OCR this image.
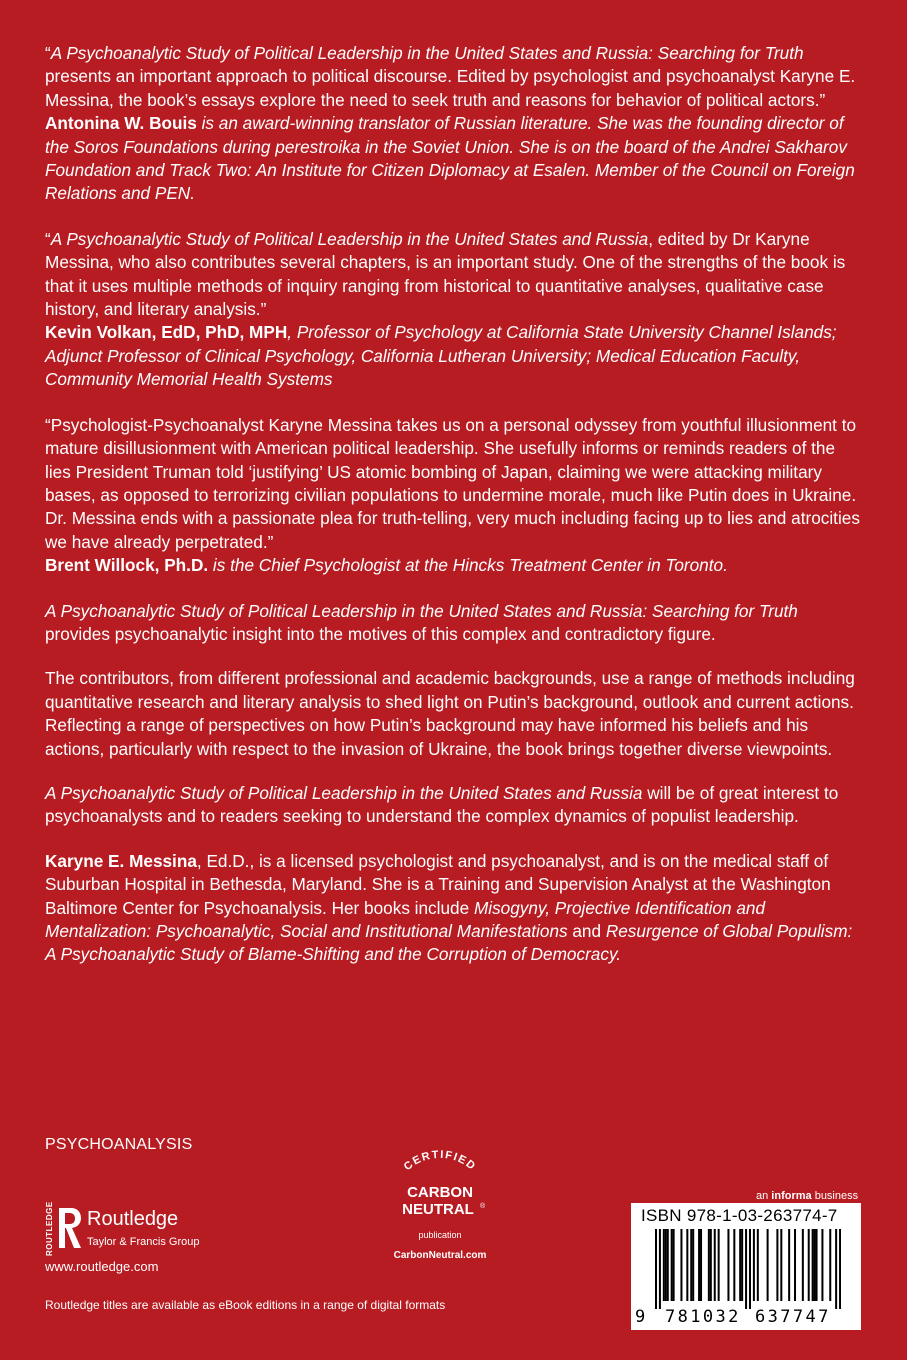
“A Psychoanalytic Study of Political Leadership in the United States and Russia: Searching for Truth presents an important approach to political discourse. Edited by psychologist and psychoanalyst Karyne E. Messina, the book’s essays explore the need to seek truth and reasons for behavior of political actors.”
Antonina W. Bouis is an award-winning translator of Russian literature. She was the founding director of the Soros Foundations during perestroika in the Soviet Union. She is on the board of the Andrei Sakharov Foundation and Track Two: An Institute for Citizen Diplomacy at Esalen. Member of the Council on Foreign Relations and PEN.

“A Psychoanalytic Study of Political Leadership in the United States and Russia, edited by Dr Karyne Messina, who also contributes several chapters, is an important study. One of the strengths of the book is that it uses multiple methods of inquiry ranging from historical to quantitative analyses, qualitative case history, and literary analysis.”
Kevin Volkan, EdD, PhD, MPH, Professor of Psychology at California State University Channel Islands; Adjunct Professor of Clinical Psychology, California Lutheran University; Medical Education Faculty, Community Memorial Health Systems

“Psychologist-Psychoanalyst Karyne Messina takes us on a personal odyssey from youthful illusionment to mature disillusionment with American political leadership. She usefully informs or reminds readers of the lies President Truman told ‘justifying’ US atomic bombing of Japan, claiming we were attacking military bases, as opposed to terrorizing civilian populations to undermine morale, much like Putin does in Ukraine. Dr. Messina ends with a passionate plea for truth-telling, very much including facing up to lies and atrocities we have already perpetrated.”
Brent Willock, Ph.D. is the Chief Psychologist at the Hincks Treatment Center in Toronto.

A Psychoanalytic Study of Political Leadership in the United States and Russia: Searching for Truth provides psychoanalytic insight into the motives of this complex and contradictory figure.

The contributors, from different professional and academic backgrounds, use a range of methods including quantitative research and literary analysis to shed light on Putin’s background, outlook and current actions. Reflecting a range of perspectives on how Putin’s background may have informed his beliefs and his actions, particularly with respect to the invasion of Ukraine, the book brings together diverse viewpoints.

A Psychoanalytic Study of Political Leadership in the United States and Russia will be of great interest to psychoanalysts and to readers seeking to understand the complex dynamics of populist leadership.

Karyne E. Messina, Ed.D., is a licensed psychologist and psychoanalyst, and is on the medical staff of Suburban Hospital in Bethesda, Maryland. She is a Training and Supervision Analyst at the Washington Baltimore Center for Psychoanalysis. Her books include Misogyny, Projective Identification and Mentalization: Psychoanalytic, Social and Institutional Manifestations and Resurgence of Global Populism: A Psychoanalytic Study of Blame-Shifting and the Corruption of Democracy.

PSYCHOANALYSIS
ROUTLEDGE Routledge
Taylor & Francis Group
www.routledge.com
Routledge titles are available as eBook editions in a range of digital formats
CERTIFIED
CARBON
NEUTRAL ®
publication
CarbonNeutral.com
an informa business
ISBN 978-1-03-263774-7
9 781032 637747
